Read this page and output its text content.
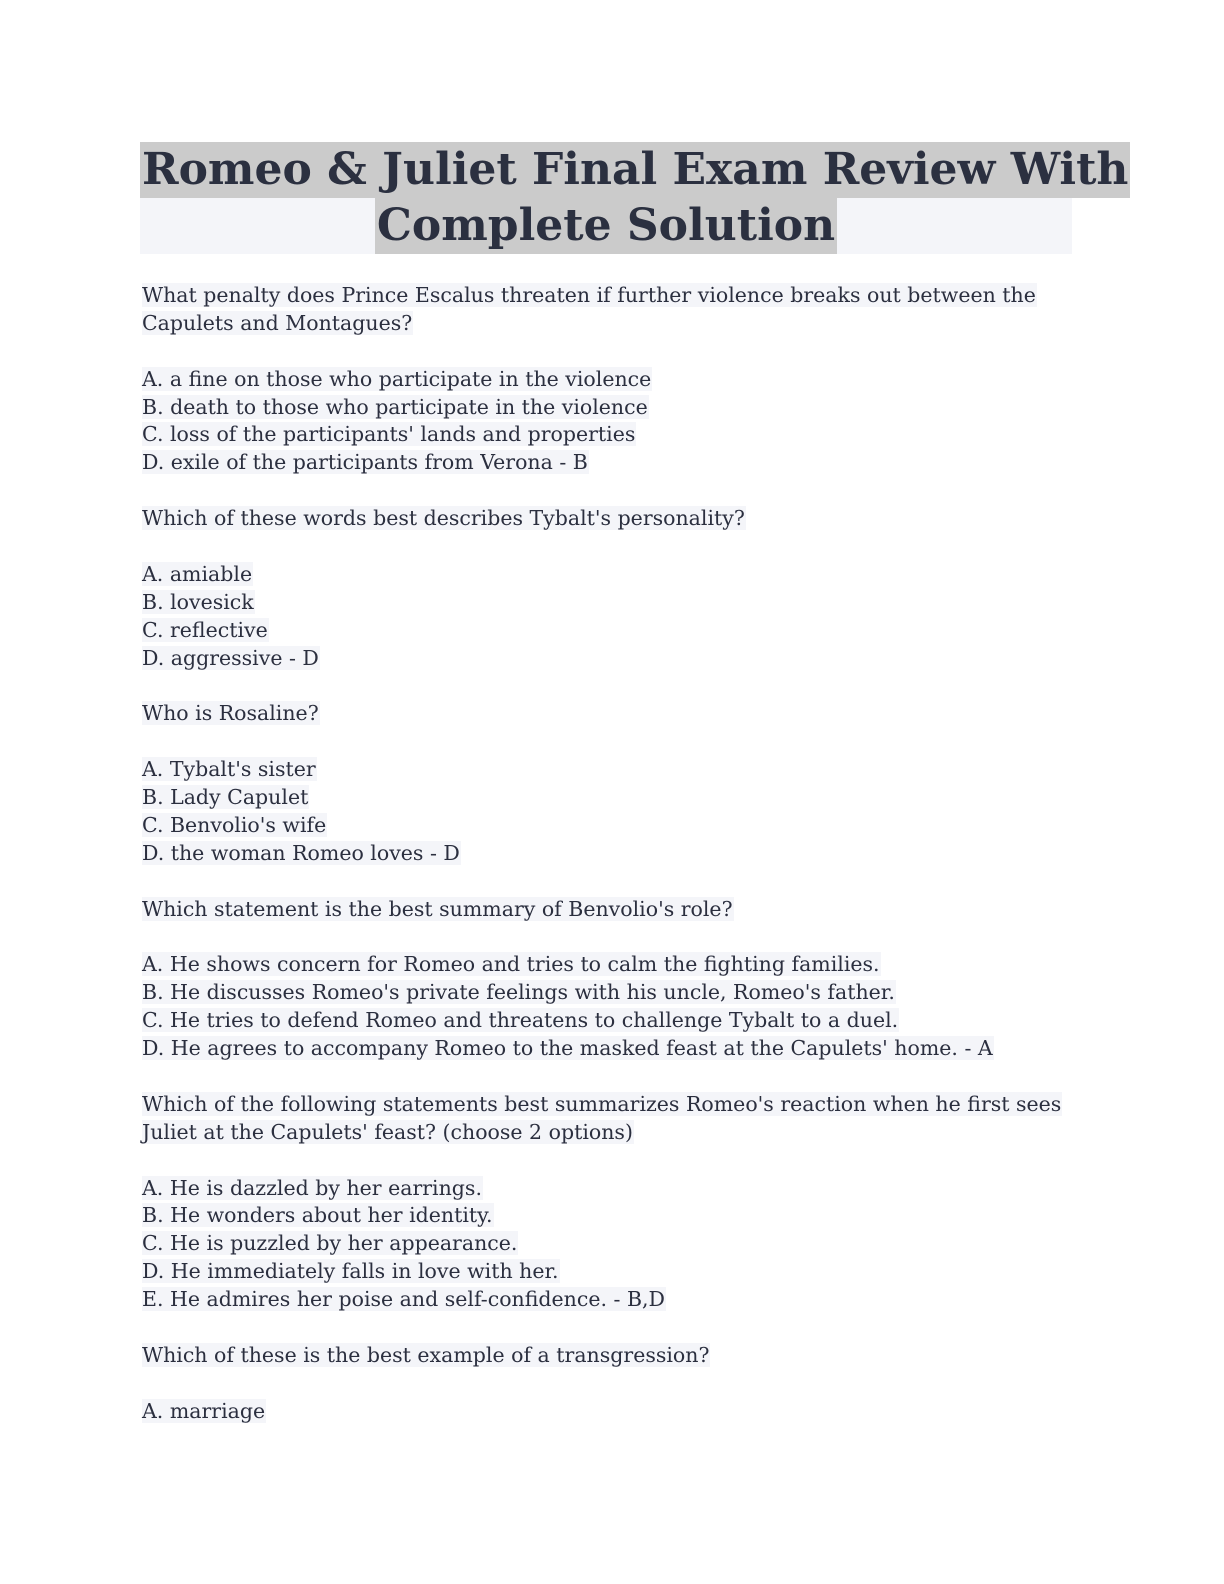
Romeo & Juliet Final Exam Review With
Complete Solution
What penalty does Prince Escalus threaten if further violence breaks out between the
Capulets and Montagues?
A. a fine on those who participate in the violence
B. death to those who participate in the violence
C. loss of the participants' lands and properties
D. exile of the participants from Verona - B
Which of these words best describes Tybalt's personality?
A. amiable
B. lovesick
C. reflective
D. aggressive - D
Who is Rosaline?
A. Tybalt's sister
B. Lady Capulet
C. Benvolio's wife
D. the woman Romeo loves - D
Which statement is the best summary of Benvolio's role?
A. He shows concern for Romeo and tries to calm the fighting families.
B. He discusses Romeo's private feelings with his uncle, Romeo's father.
C. He tries to defend Romeo and threatens to challenge Tybalt to a duel.
D. He agrees to accompany Romeo to the masked feast at the Capulets' home. - A
Which of the following statements best summarizes Romeo's reaction when he first sees
Juliet at the Capulets' feast? (choose 2 options)
A. He is dazzled by her earrings.
B. He wonders about her identity.
C. He is puzzled by her appearance.
D. He immediately falls in love with her.
E. He admires her poise and self-confidence. - B,D
Which of these is the best example of a transgression?
A. marriage
